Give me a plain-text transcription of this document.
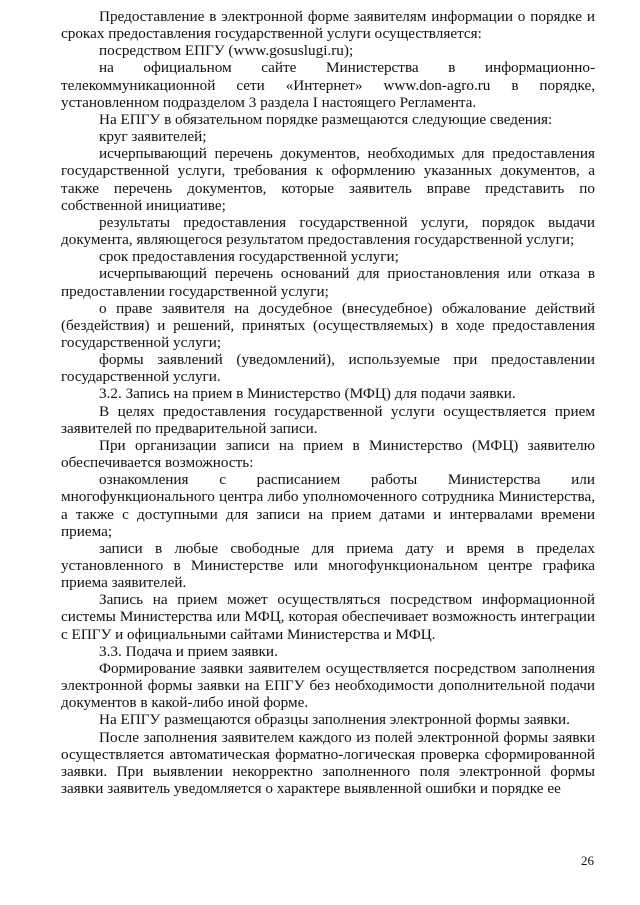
Предоставление в электронной форме заявителям информации о порядке и сроках предоставления государственной услуги осуществляется:

посредством ЕПГУ (www.gosuslugi.ru);

на официальном сайте Министерства в информационно-телекоммуникационной сети «Интернет» www.don-agro.ru в порядке, установленном подразделом 3 раздела I настоящего Регламента.

На ЕПГУ в обязательном порядке размещаются следующие сведения:

круг заявителей;

исчерпывающий перечень документов, необходимых для предоставления государственной услуги, требования к оформлению указанных документов, а также перечень документов, которые заявитель вправе представить по собственной инициативе;

результаты предоставления государственной услуги, порядок выдачи документа, являющегося результатом предоставления государственной услуги;

срок предоставления государственной услуги;

исчерпывающий перечень оснований для приостановления или отказа в предоставлении государственной услуги;

о праве заявителя на досудебное (внесудебное) обжалование действий (бездействия) и решений, принятых (осуществляемых) в ходе предоставления государственной услуги;

формы заявлений (уведомлений), используемые при предоставлении государственной услуги.

3.2. Запись на прием в Министерство (МФЦ) для подачи заявки.

В целях предоставления государственной услуги осуществляется прием заявителей по предварительной записи.

При организации записи на прием в Министерство (МФЦ) заявителю обеспечивается возможность:

ознакомления с расписанием работы Министерства или многофункционального центра либо уполномоченного сотрудника Министерства, а также с доступными для записи на прием датами и интервалами времени приема;

записи в любые свободные для приема дату и время в пределах установленного в Министерстве или многофункциональном центре графика приема заявителей.

Запись на прием может осуществляться посредством информационной системы Министерства или МФЦ, которая обеспечивает возможность интеграции с ЕПГУ и официальными сайтами Министерства и МФЦ.

3.3. Подача и прием заявки.

Формирование заявки заявителем осуществляется посредством заполнения электронной формы заявки на ЕПГУ без необходимости дополнительной подачи документов в какой-либо иной форме.

На ЕПГУ размещаются образцы заполнения электронной формы заявки.

После заполнения заявителем каждого из полей электронной формы заявки осуществляется автоматическая форматно-логическая проверка сформированной заявки. При выявлении некорректно заполненного поля электронной формы заявки заявитель уведомляется о характере выявленной ошибки и порядке ее

26
